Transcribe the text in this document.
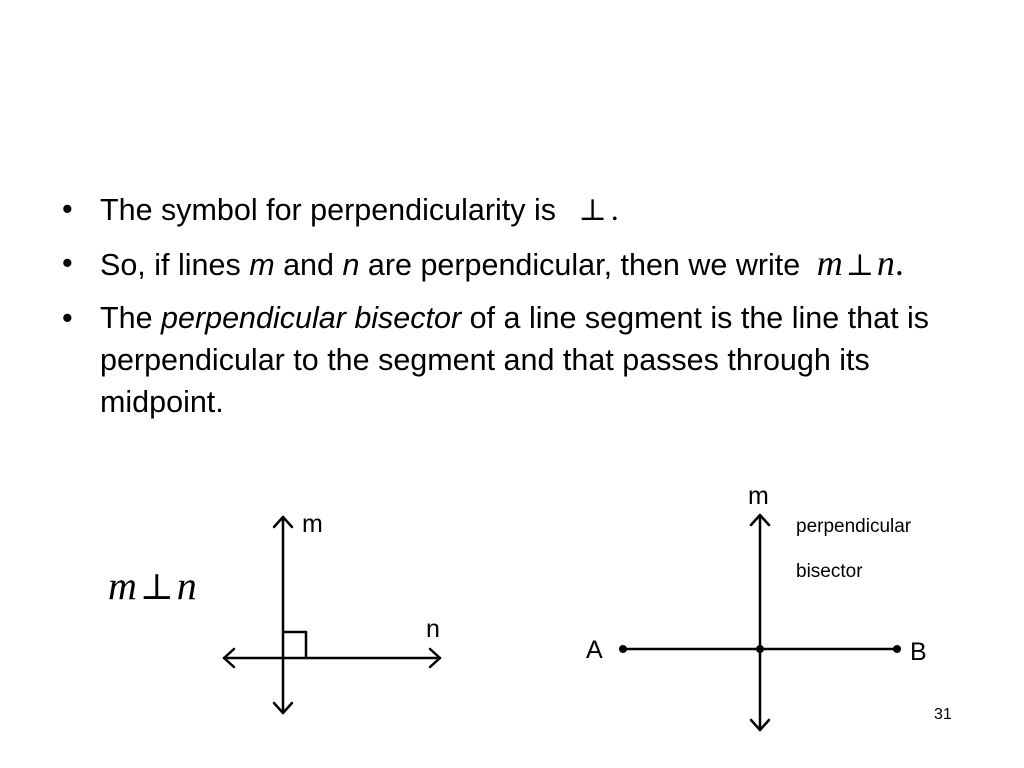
• The symbol for perpendicularity is ⊥ .
• So, if lines m and n are perpendicular, then we write m ⊥n.
• The perpendicular bisector of a line segment is the line that is perpendicular to the segment and that passes through its midpoint.
m⊥n
m
n
m
A	B
perpendicular
bisector
31
